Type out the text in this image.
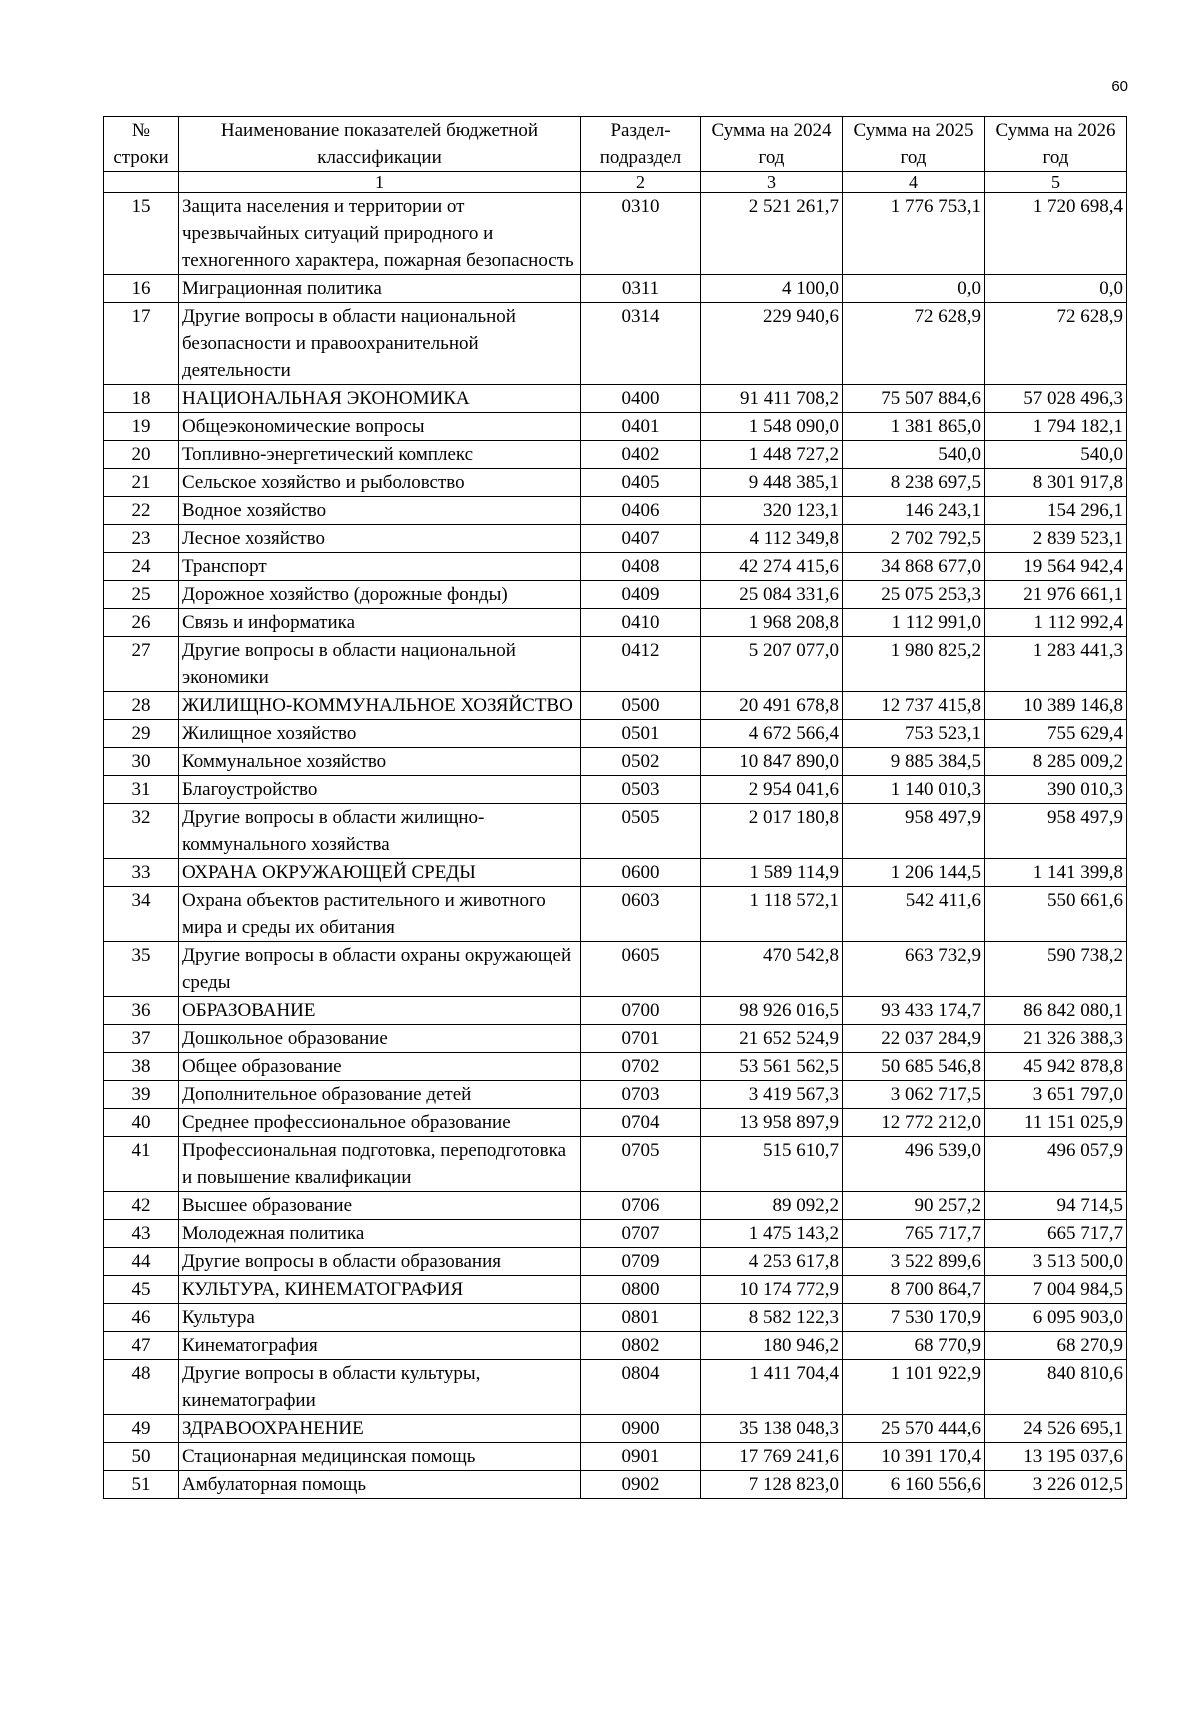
60
№ строки	Наименование показателей бюджетной классификации	Раздел-подраздел	Сумма на 2024 год	Сумма на 2025 год	Сумма на 2026 год
	1	2	3	4	5
15	Защита населения и территории от чрезвычайных ситуаций природного и техногенного характера, пожарная безопасность	0310	2 521 261,7	1 776 753,1	1 720 698,4
16	Миграционная политика	0311	4 100,0	0,0	0,0
17	Другие вопросы в области национальной безопасности и правоохранительной деятельности	0314	229 940,6	72 628,9	72 628,9
18	НАЦИОНАЛЬНАЯ ЭКОНОМИКА	0400	91 411 708,2	75 507 884,6	57 028 496,3
19	Общеэкономические вопросы	0401	1 548 090,0	1 381 865,0	1 794 182,1
20	Топливно-энергетический комплекс	0402	1 448 727,2	540,0	540,0
21	Сельское хозяйство и рыболовство	0405	9 448 385,1	8 238 697,5	8 301 917,8
22	Водное хозяйство	0406	320 123,1	146 243,1	154 296,1
23	Лесное хозяйство	0407	4 112 349,8	2 702 792,5	2 839 523,1
24	Транспорт	0408	42 274 415,6	34 868 677,0	19 564 942,4
25	Дорожное хозяйство (дорожные фонды)	0409	25 084 331,6	25 075 253,3	21 976 661,1
26	Связь и информатика	0410	1 968 208,8	1 112 991,0	1 112 992,4
27	Другие вопросы в области национальной экономики	0412	5 207 077,0	1 980 825,2	1 283 441,3
28	ЖИЛИЩНО-КОММУНАЛЬНОЕ ХОЗЯЙСТВО	0500	20 491 678,8	12 737 415,8	10 389 146,8
29	Жилищное хозяйство	0501	4 672 566,4	753 523,1	755 629,4
30	Коммунальное хозяйство	0502	10 847 890,0	9 885 384,5	8 285 009,2
31	Благоустройство	0503	2 954 041,6	1 140 010,3	390 010,3
32	Другие вопросы в области жилищно-коммунального хозяйства	0505	2 017 180,8	958 497,9	958 497,9
33	ОХРАНА ОКРУЖАЮЩЕЙ СРЕДЫ	0600	1 589 114,9	1 206 144,5	1 141 399,8
34	Охрана объектов растительного и животного мира и среды их обитания	0603	1 118 572,1	542 411,6	550 661,6
35	Другие вопросы в области охраны окружающей среды	0605	470 542,8	663 732,9	590 738,2
36	ОБРАЗОВАНИЕ	0700	98 926 016,5	93 433 174,7	86 842 080,1
37	Дошкольное образование	0701	21 652 524,9	22 037 284,9	21 326 388,3
38	Общее образование	0702	53 561 562,5	50 685 546,8	45 942 878,8
39	Дополнительное образование детей	0703	3 419 567,3	3 062 717,5	3 651 797,0
40	Среднее профессиональное образование	0704	13 958 897,9	12 772 212,0	11 151 025,9
41	Профессиональная подготовка, переподготовка и повышение квалификации	0705	515 610,7	496 539,0	496 057,9
42	Высшее образование	0706	89 092,2	90 257,2	94 714,5
43	Молодежная политика	0707	1 475 143,2	765 717,7	665 717,7
44	Другие вопросы в области образования	0709	4 253 617,8	3 522 899,6	3 513 500,0
45	КУЛЬТУРА, КИНЕМАТОГРАФИЯ	0800	10 174 772,9	8 700 864,7	7 004 984,5
46	Культура	0801	8 582 122,3	7 530 170,9	6 095 903,0
47	Кинематография	0802	180 946,2	68 770,9	68 270,9
48	Другие вопросы в области культуры, кинематографии	0804	1 411 704,4	1 101 922,9	840 810,6
49	ЗДРАВООХРАНЕНИЕ	0900	35 138 048,3	25 570 444,6	24 526 695,1
50	Стационарная медицинская помощь	0901	17 769 241,6	10 391 170,4	13 195 037,6
51	Амбулаторная помощь	0902	7 128 823,0	6 160 556,6	3 226 012,5
